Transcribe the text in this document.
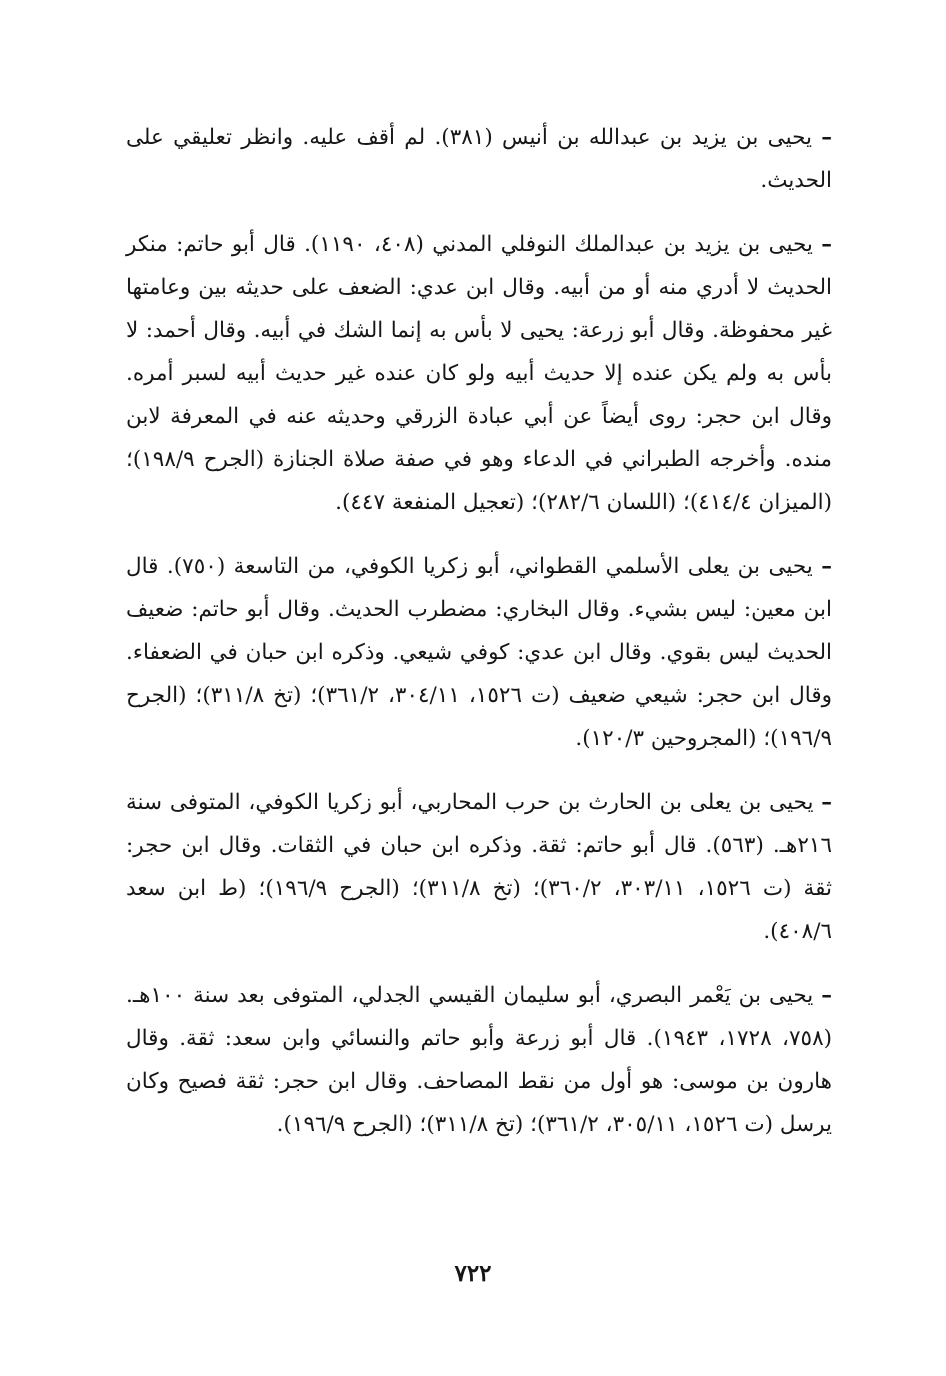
– يحيى بن يزيد بن عبدالله بن أنيس (٣٨١). لم أقف عليه. وانظر تعليقي على الحديث.

– يحيى بن يزيد بن عبدالملك النوفلي المدني (٤٠٨، ١١٩٠). قال أبو حاتم: منكر الحديث لا أدري منه أو من أبيه. وقال ابن عدي: الضعف على حديثه بين وعامتها غير محفوظة. وقال أبو زرعة: يحيى لا بأس به إنما الشك في أبيه. وقال أحمد: لا بأس به ولم يكن عنده إلا حديث أبيه ولو كان عنده غير حديث أبيه لسبر أمره. وقال ابن حجر: روى أيضاً عن أبي عبادة الزرقي وحديثه عنه في المعرفة لابن منده. وأخرجه الطبراني في الدعاء وهو في صفة صلاة الجنازة (الجرح ١٩٨/٩)؛ (الميزان ٤١٤/٤)؛ (اللسان ٢٨٢/٦)؛ (تعجيل المنفعة ٤٤٧).

– يحيى بن يعلى الأسلمي القطواني، أبو زكريا الكوفي، من التاسعة (٧٥٠). قال ابن معين: ليس بشيء. وقال البخاري: مضطرب الحديث. وقال أبو حاتم: ضعيف الحديث ليس بقوي. وقال ابن عدي: كوفي شيعي. وذكره ابن حبان في الضعفاء. وقال ابن حجر: شيعي ضعيف (ت ١٥٢٦، ٣٠٤/١١، ٣٦١/٢)؛ (تخ ٣١١/٨)؛ (الجرح ١٩٦/٩)؛ (المجروحين ١٢٠/٣).

– يحيى بن يعلى بن الحارث بن حرب المحاربي، أبو زكريا الكوفي، المتوفى سنة ٢١٦هـ. (٥٦٣). قال أبو حاتم: ثقة. وذكره ابن حبان في الثقات. وقال ابن حجر: ثقة (ت ١٥٢٦، ٣٠٣/١١، ٣٦٠/٢)؛ (تخ ٣١١/٨)؛ (الجرح ١٩٦/٩)؛ (ط ابن سعد ٤٠٨/٦).

– يحيى بن يَعْمر البصري، أبو سليمان القيسي الجدلي، المتوفى بعد سنة ١٠٠هـ. (٧٥٨، ١٧٢٨، ١٩٤٣). قال أبو زرعة وأبو حاتم والنسائي وابن سعد: ثقة. وقال هارون بن موسى: هو أول من نقط المصاحف. وقال ابن حجر: ثقة فصيح وكان يرسل (ت ١٥٢٦، ٣٠٥/١١، ٣٦١/٢)؛ (تخ ٣١١/٨)؛ (الجرح ١٩٦/٩).

٧٢٢
